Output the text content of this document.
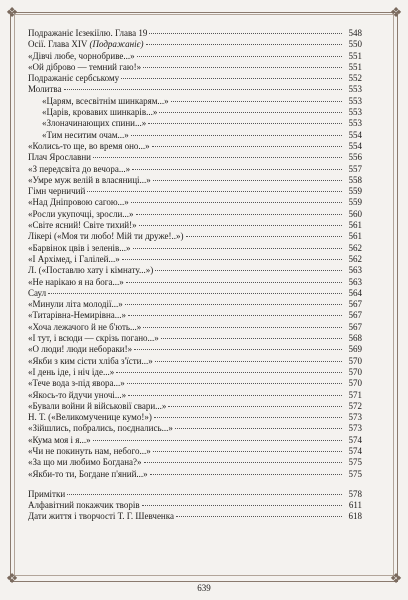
❖	❖
❖	❖
Подражаніє Ієзекіїлю. Глава 19	548
Осії. Глава XIV (Подражаніє)	550
«Дівчі любе, чорнобриве...»	551
«Ой діброво — темний гаю!»	551
Подражаніє сербському	552
Молитва	553
«Царям, всесвітнім шинкарям...»	553
«Царів, кровавих шинкарів...»	553
«Злоначинающих спини...»	553
«Тим неситим очам...»	554
«Колись-то ще, во время оно...»	554
Плач Ярославни	556
«З передсвіта до вечора...»	557
«Умре муж велій в власяниці...»	558
Гімн черничий	559
«Над Дніпровою сагою...»	559
«Росли укупочці, зросли...»	560
«Світе ясний! Світе тихий!»	561
Лікері («Моя ти любо! Мій ти друже!..»)	561
«Барвінок цвів і зеленів...»	562
«І Архімед, і Галілей...»	562
Л. («Поставлю хату і кімнату...»)	563
«Не нарікаю я на бога...»	563
Саул	564
«Минули літа молодії...»	567
«Титарівна-Немирівна...»	567
«Хоча лежачого й не б'ють...»	567
«І тут, і всюди — скрізь погано...»	568
«О люди! люди небораки!»	569
«Якби з ким сісти хліба з'їсти...»	570
«І день іде, і ніч іде...»	570
«Тече вода з-під явора...»	570
«Якось-то йдучи уночі...»	571
«Бували войни й військовії свари...»	572
Н. Т. («Великомученице кумо!»)	573
«Зійшлись, побрались, поєднались...»	573
«Кума моя і я...»	574
«Чи не покинуть нам, небого...»	574
«За що ми любимо Богдана?»	575
«Якби-то ти, Богдане п'яний...»	575
Примітки	578
Алфавітний покажчик творів	611
Дати життя і творчості Т. Г. Шевченка	618
639
